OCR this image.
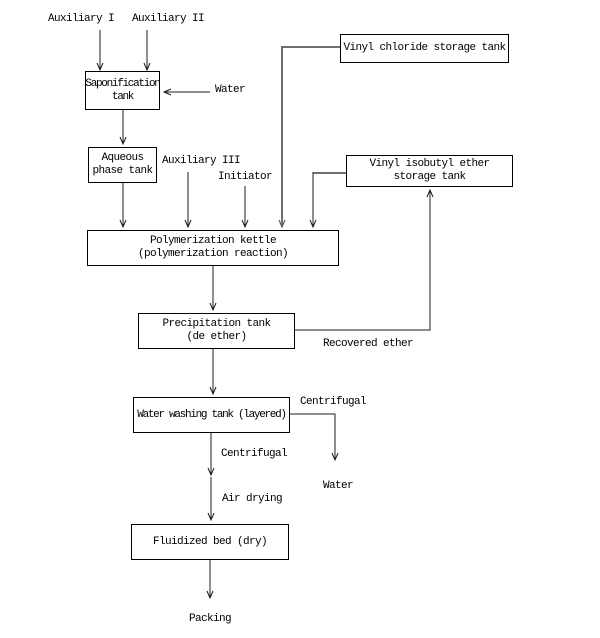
Saponification
tank
Vinyl chloride storage tank
Aqueous
phase tank
Vinyl isobutyl ether
storage tank
Polymerization kettle
(polymerization reaction)
Precipitation tank
(de ether)
Water washing tank (layered)
Fluidized bed (dry)
Auxiliary I Auxiliary II
Water
Auxiliary III
Initiator
Recovered ether
Centrifugal
Centrifugal
Water
Air drying
Packing
